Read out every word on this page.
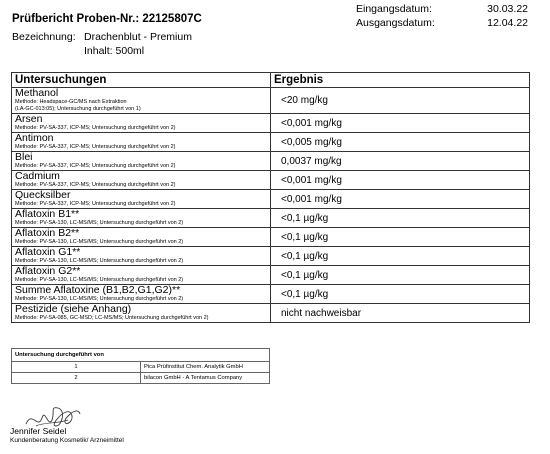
Prüfbericht Proben-Nr.: 22125807C
Eingangsdatum:	30.03.22
Ausgangsdatum:	12.04.22
Bezeichnung: Drachenblut - Premium
Inhalt: 500ml
Untersuchungen	Ergebnis

Methanol
Methode: Headspace-GC/MS nach Extraktion
(LA-GC-013:05); Untersuchung durchgeführt von 1)	<20 mg/kg

Arsen
Methode: PV-SA-337, ICP-MS; Untersuchung durchgeführt von 2)	<0,001 mg/kg

Antimon
Methode: PV-SA-337, ICP-MS; Untersuchung durchgeführt von 2)	<0,005 mg/kg

Blei
Methode: PV-SA-337, ICP-MS; Untersuchung durchgeführt von 2)	0,0037 mg/kg

Cadmium
Methode: PV-SA-337, ICP-MS; Untersuchung durchgeführt von 2)	<0,001 mg/kg

Quecksilber
Methode: PV-SA-337, ICP-MS; Untersuchung durchgeführt von 2)	<0,001 mg/kg

Aflatoxin B1**
Methode: PV-SA-130, LC-MS/MS; Untersuchung durchgeführt von 2)	<0,1 µg/kg

Aflatoxin B2**
Methode: PV-SA-130, LC-MS/MS; Untersuchung durchgeführt von 2)	<0,1 µg/kg

Aflatoxin G1**
Methode: PV-SA-130, LC-MS/MS; Untersuchung durchgeführt von 2)	<0,1 µg/kg

Aflatoxin G2**
Methode: PV-SA-130, LC-MS/MS; Untersuchung durchgeführt von 2)	<0,1 µg/kg

Summe Aflatoxine (B1,B2,G1,G2)**
Methode: PV-SA-130, LC-MS/MS; Untersuchung durchgeführt von 2)	<0,1 µg/kg

Pestizide (siehe Anhang)
Methode: PV-SA-085, GC-MSD; LC-MS/MS; Untersuchung durchgeführt von 2)	nicht nachweisbar
Untersuchung durchgeführt von	
1	Pica Prüfinstitut Chem. Analytik GmbH
2	bilacon GmbH - A Tentamus Company
Jennifer Seidel
Kundenberatung Kosmetik/ Arzneimittel
